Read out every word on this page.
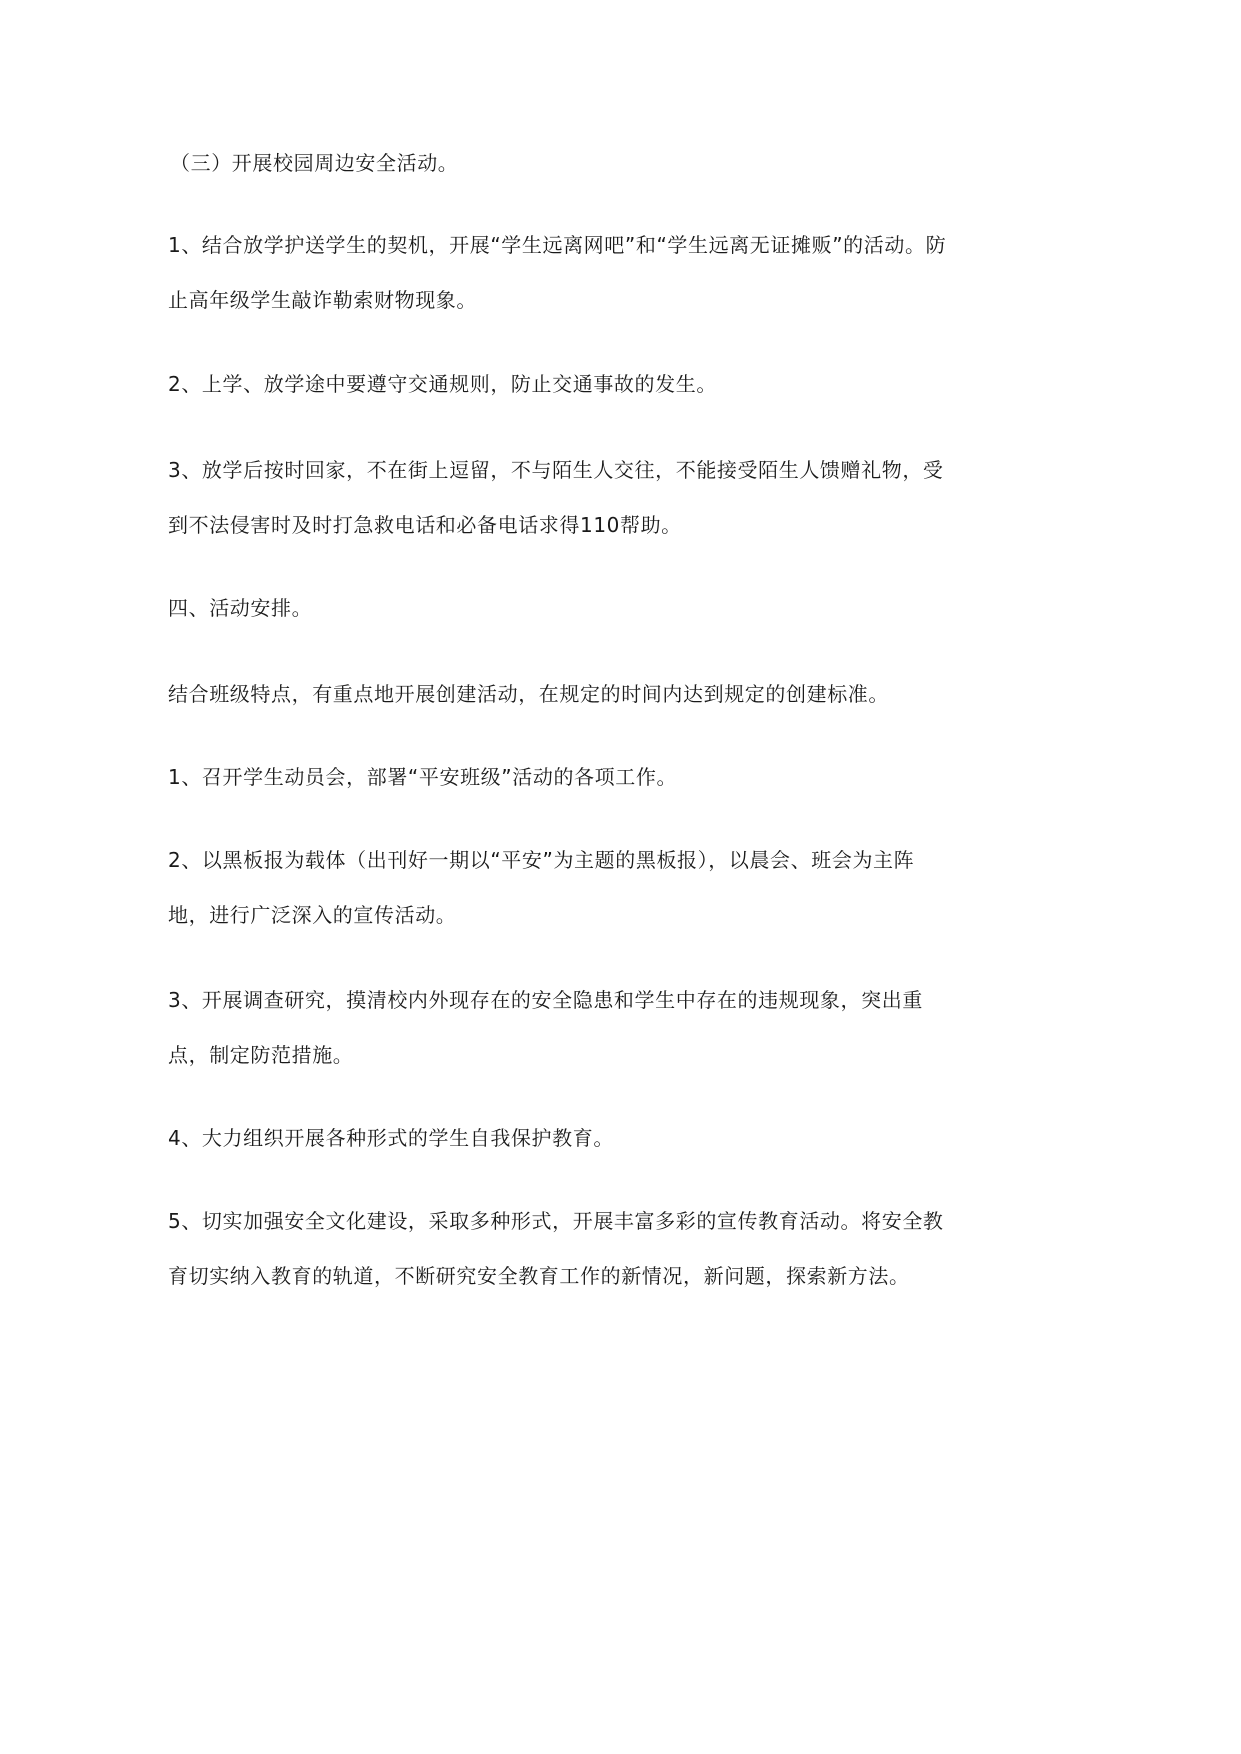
（三）开展校园周边安全活动。

1、结合放学护送学生的契机，开展“学生远离网吧”和“学生远离无证摊贩”的活动。防止高年级学生敲诈勒索财物现象。

2、上学、放学途中要遵守交通规则，防止交通事故的发生。

3、放学后按时回家，不在街上逗留，不与陌生人交往，不能接受陌生人馈赠礼物，受到不法侵害时及时打急救电话和必备电话求得110帮助。

四、活动安排。

结合班级特点，有重点地开展创建活动，在规定的时间内达到规定的创建标准。

1、召开学生动员会，部署“平安班级”活动的各项工作。

2、以黑板报为载体（出刊好一期以“平安”为主题的黑板报），以晨会、班会为主阵地，进行广泛深入的宣传活动。

3、开展调查研究，摸清校内外现存在的安全隐患和学生中存在的违规现象，突出重点，制定防范措施。

4、大力组织开展各种形式的学生自我保护教育。

5、切实加强安全文化建设，采取多种形式，开展丰富多彩的宣传教育活动。将安全教育切实纳入教育的轨道，不断研究安全教育工作的新情况，新问题，探索新方法。
